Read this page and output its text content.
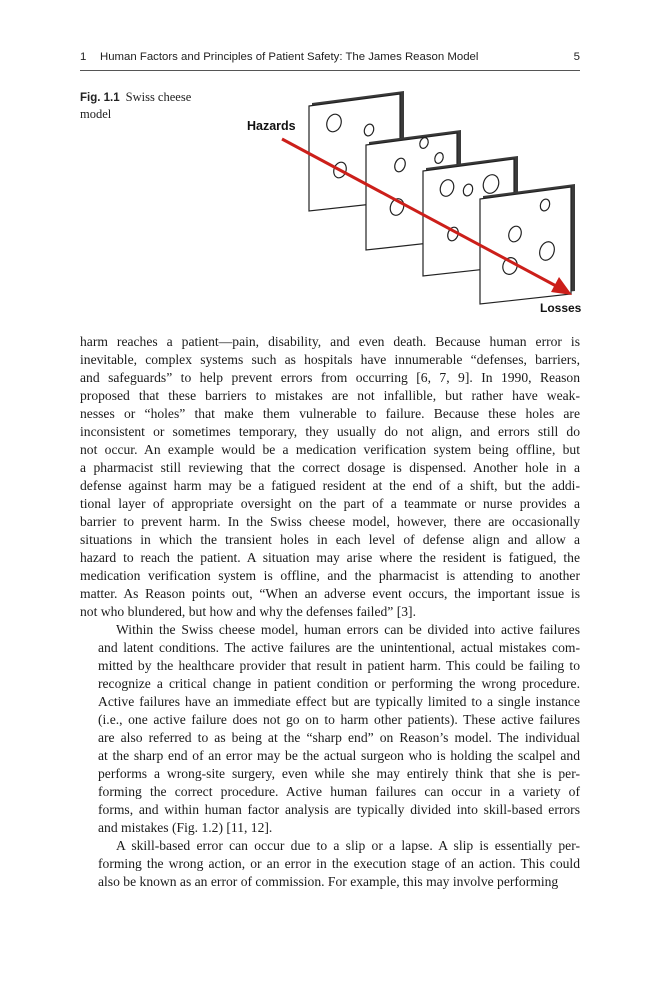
1 Human Factors and Principles of Patient Safety: The James Reason Model	5
Fig. 1.1 Swiss cheese model
Hazards
Losses

harm reaches a patient—pain, disability, and even death. Because human error is
inevitable, complex systems such as hospitals have innumerable “defenses, barriers,
and safeguards” to help prevent errors from occurring [6, 7, 9]. In 1990, Reason
proposed that these barriers to mistakes are not infallible, but rather have weak-
nesses or “holes” that make them vulnerable to failure. Because these holes are
inconsistent or sometimes temporary, they usually do not align, and errors still do
not occur. An example would be a medication verification system being offline, but
a pharmacist still reviewing that the correct dosage is dispensed. Another hole in a
defense against harm may be a fatigued resident at the end of a shift, but the addi-
tional layer of appropriate oversight on the part of a teammate or nurse provides a
barrier to prevent harm. In the Swiss cheese model, however, there are occasionally
situations in which the transient holes in each level of defense align and allow a
hazard to reach the patient. A situation may arise where the resident is fatigued, the
medication verification system is offline, and the pharmacist is attending to another
matter. As Reason points out, “When an adverse event occurs, the important issue is
not who blundered, but how and why the defenses failed” [3].

Within the Swiss cheese model, human errors can be divided into active failures
and latent conditions. The active failures are the unintentional, actual mistakes com-
mitted by the healthcare provider that result in patient harm. This could be failing to
recognize a critical change in patient condition or performing the wrong procedure.
Active failures have an immediate effect but are typically limited to a single instance
(i.e., one active failure does not go on to harm other patients). These active failures
are also referred to as being at the “sharp end” on Reason’s model. The individual
at the sharp end of an error may be the actual surgeon who is holding the scalpel and
performs a wrong-site surgery, even while she may entirely think that she is per-
forming the correct procedure. Active human failures can occur in a variety of
forms, and within human factor analysis are typically divided into skill-based errors
and mistakes (Fig. 1.2) [11, 12].

A skill-based error can occur due to a slip or a lapse. A slip is essentially per-
forming the wrong action, or an error in the execution stage of an action. This could
also be known as an error of commission. For example, this may involve performing
